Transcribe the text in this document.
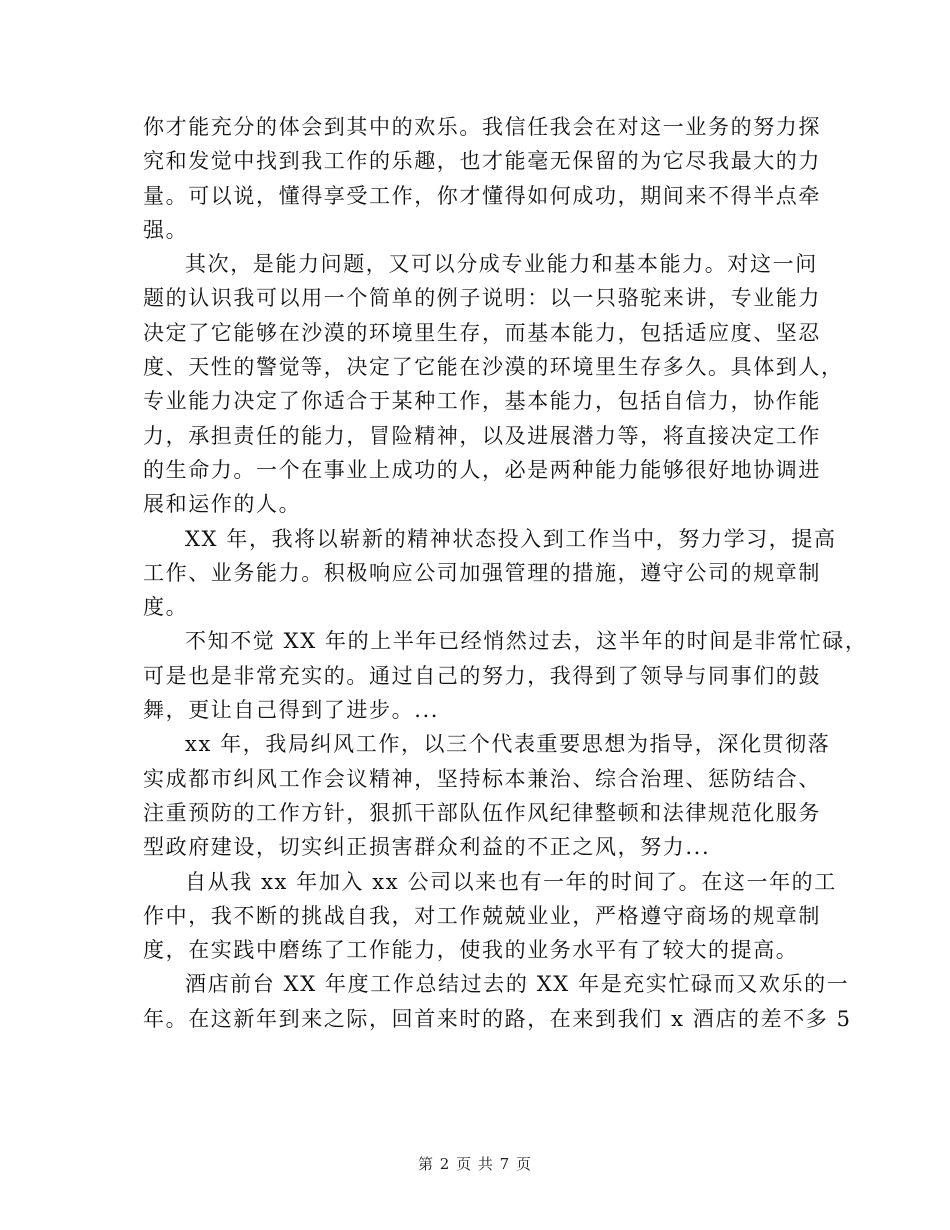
你才能充分的体会到其中的欢乐。我信任我会在对这一业务的努力探
究和发觉中找到我工作的乐趣，也才能毫无保留的为它尽我最大的力
量。可以说，懂得享受工作，你才懂得如何成功，期间来不得半点牵
强。
其次，是能力问题，又可以分成专业能力和基本能力。对这一问
题的认识我可以用一个简单的例子说明：以一只骆驼来讲，专业能力
决定了它能够在沙漠的环境里生存，而基本能力，包括适应度、坚忍
度、天性的警觉等，决定了它能在沙漠的环境里生存多久。具体到人，
专业能力决定了你适合于某种工作，基本能力，包括自信力，协作能
力，承担责任的能力，冒险精神，以及进展潜力等，将直接决定工作
的生命力。一个在事业上成功的人，必是两种能力能够很好地协调进
展和运作的人。
XX 年，我将以崭新的精神状态投入到工作当中，努力学习，提高
工作、业务能力。积极响应公司加强管理的措施，遵守公司的规章制
度。
不知不觉 XX 年的上半年已经悄然过去，这半年的时间是非常忙碌，
可是也是非常充实的。通过自己的努力，我得到了领导与同事们的鼓
舞，更让自己得到了进步。...
xx 年，我局纠风工作，以三个代表重要思想为指导，深化贯彻落
实成都市纠风工作会议精神，坚持标本兼治、综合治理、惩防结合、
注重预防的工作方针，狠抓干部队伍作风纪律整顿和法律规范化服务
型政府建设，切实纠正损害群众利益的不正之风，努力...
自从我 xx 年加入 xx 公司以来也有一年的时间了。在这一年的工
作中，我不断的挑战自我，对工作兢兢业业，严格遵守商场的规章制
度，在实践中磨练了工作能力，使我的业务水平有了较大的提高。
酒店前台 XX 年度工作总结过去的 XX 年是充实忙碌而又欢乐的一
年。在这新年到来之际，回首来时的路，在来到我们 x 酒店的差不多 5
第 2 页 共 7 页
